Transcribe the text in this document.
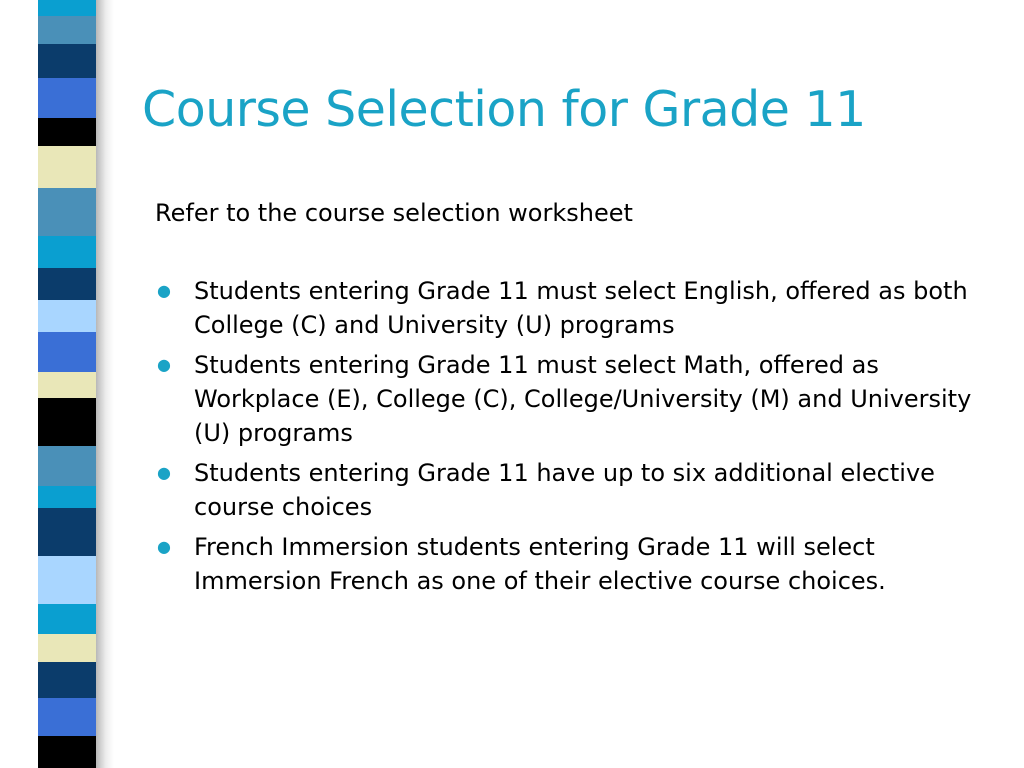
Course Selection for Grade 11

Refer to the course selection worksheet

● Students entering Grade 11 must select English, offered as both College (C) and University (U) programs
● Students entering Grade 11 must select Math, offered as Workplace (E), College (C), College/University (M) and University (U) programs
● Students entering Grade 11 have up to six additional elective course choices
● French Immersion students entering Grade 11 will select Immersion French as one of their elective course choices.
